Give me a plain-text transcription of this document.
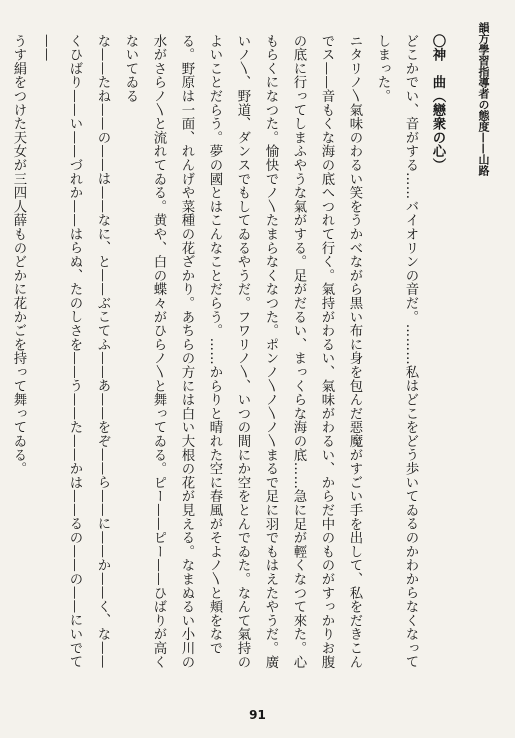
韻方學習指導者の態度——山路

〇神　曲（戀衆の心）

どこかでい、音がする……バイオリンの音だ。………私はどこをどう歩いてゐるのかわからなくなってしまった。

ニタリノ〵氣味のわるい笑をうかべながら黒い布に身を包んだ惡魔がすごい手を出して、私をだきこんでス——音もくな海の底へつれて行く。氣持がわるい、氣味がわるい、からだ中のものがすっかりお腹の底に行ってしまふやうな氣がする。足がだるい、まっくらな海の底……急に足が輕くなつて來た。心もらくになつた。愉快でノ〵たまらなくなつた。ポンノ〵ノ〵ノ〵まるで足に羽でもはえたやうだ。廣いノ〵、野道、ダンスでもしてゐるやうだ。フワリノ〵、いつの間にか空をとんでゐた。なんて氣持のよいことだらう。夢の國とはこんなことだらう。……からりと晴れた空に春風がそよノ〵と頬をなでる。野原は一面、れんげや菜種の花ざかり。あちらの方には白い大根の花が見える。なまぬるい小川の水がさらノ〵と流れてゐる。黄や、白の蝶々がひらノ〵と舞ってゐる。ピー——ピー——ひばりが高くないてゐる

な——たね——の——は——なに、と——ぶこてふ——あ——をぞ——ら——に——か——く、な——くひばり——い——づれか——はらぬ、たのしさを——う——た——かは——るの——の——にいでて——

うす絹をつけた天女が三四人薛ものどかに花かごを持って舞ってゐる。

91
